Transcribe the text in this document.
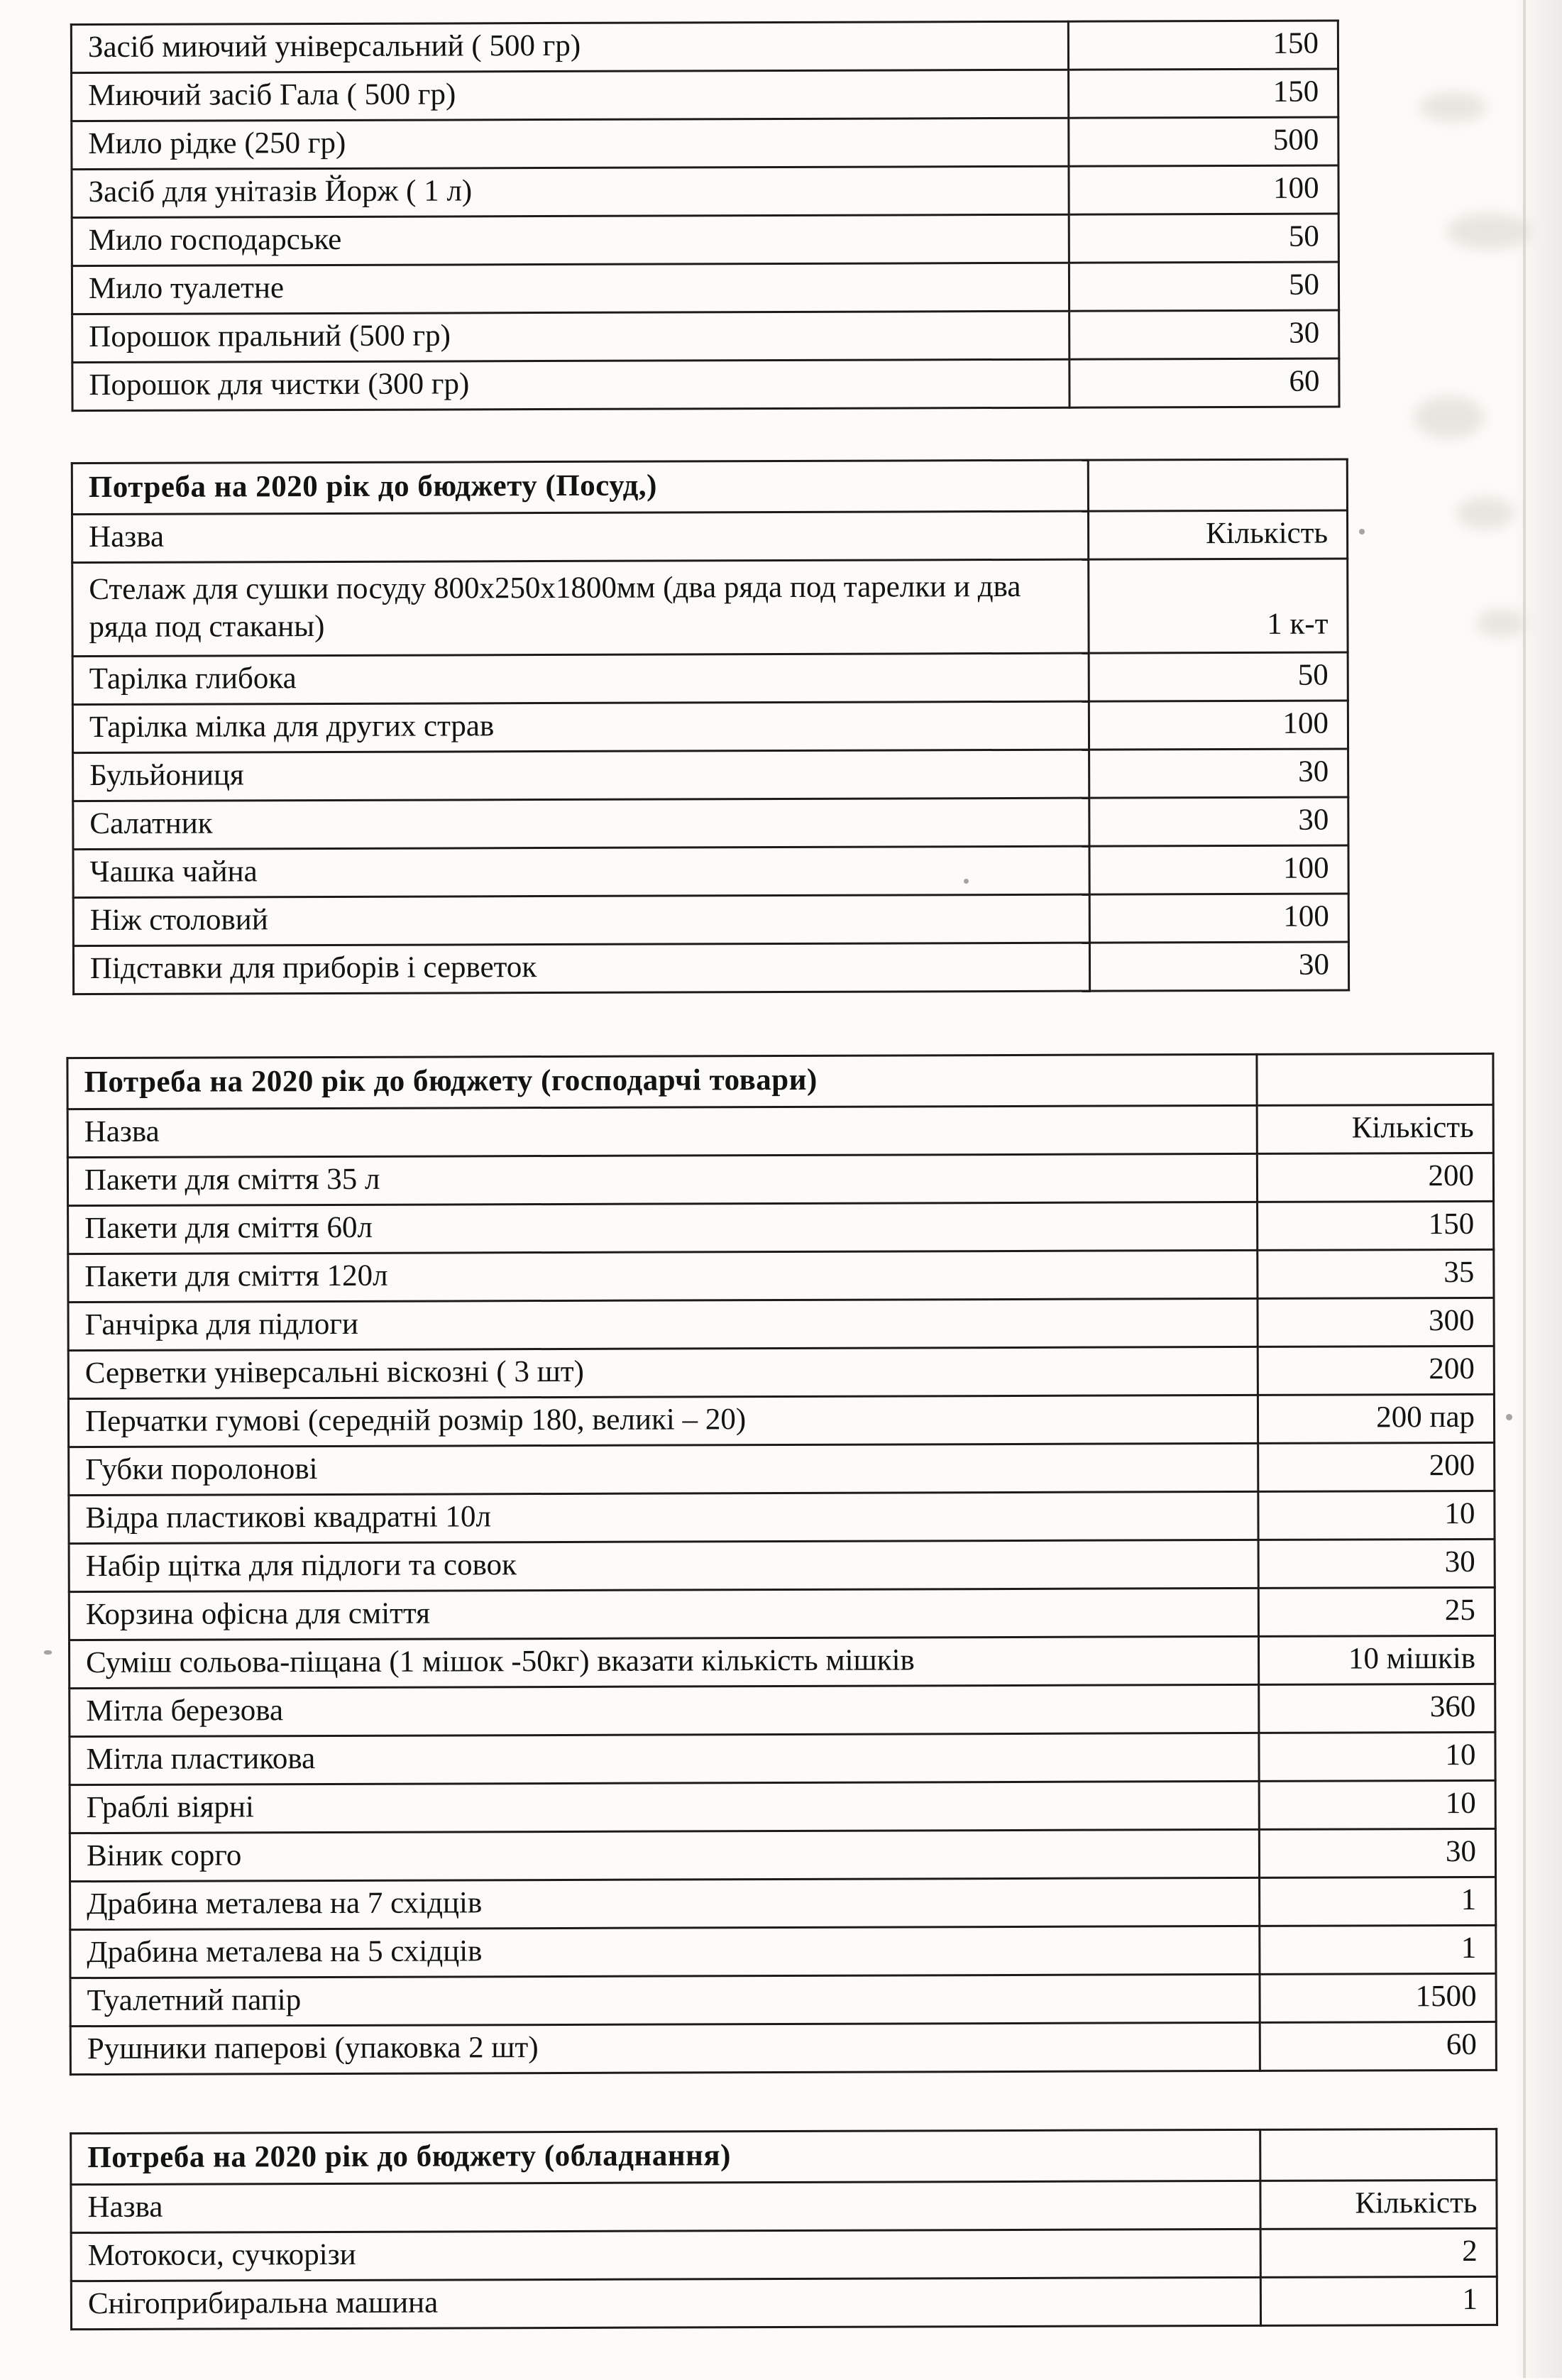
Засіб миючий універсальний ( 500 гр)	150
Миючий засіб Гала ( 500 гр)	150
Мило рідке (250 гр)	500
Засіб для унітазів Йорж ( 1 л)	100
Мило господарське	50
Мило туалетне	50
Порошок пральний (500 гр)	30
Порошок для чистки (300 гр)	60
Потреба на 2020 рік до бюджету (Посуд,)	
Назва	Кількість
Стелаж для сушки посуду 800х250х1800мм (два ряда под тарелки и два ряда под стаканы)	1 к-т
Тарілка глибока	50
Тарілка мілка для других страв	100
Бульйониця	30
Салатник	30
Чашка чайна	100
Ніж столовий	100
Підставки для приборів і серветок	30
Потреба на 2020 рік до бюджету (господарчі товари)	
Назва	Кількість
Пакети для сміття 35 л	200
Пакети для сміття 60л	150
Пакети для сміття 120л	35
Ганчірка для підлоги	300
Серветки універсальні віскозні ( 3 шт)	200
Перчатки гумові (середній розмір 180, великі – 20)	200 пар
Губки поролонові	200
Відра пластикові квадратні 10л	10
Набір щітка для підлоги та совок	30
Корзина офісна для сміття	25
Суміш сольова-піщана (1 мішок -50кг) вказати кількість мішків	10 мішків
Мітла березова	360
Мітла пластикова	10
Граблі віярні	10
Віник сорго	30
Драбина металева на 7 східців	1
Драбина металева на 5 східців	1
Туалетний папір	1500
Рушники паперові (упаковка 2 шт)	60
Потреба на 2020 рік до бюджету (обладнання)	
Назва	Кількість
Мотокоси, сучкорізи	2
Снігоприбиральна машина	1
